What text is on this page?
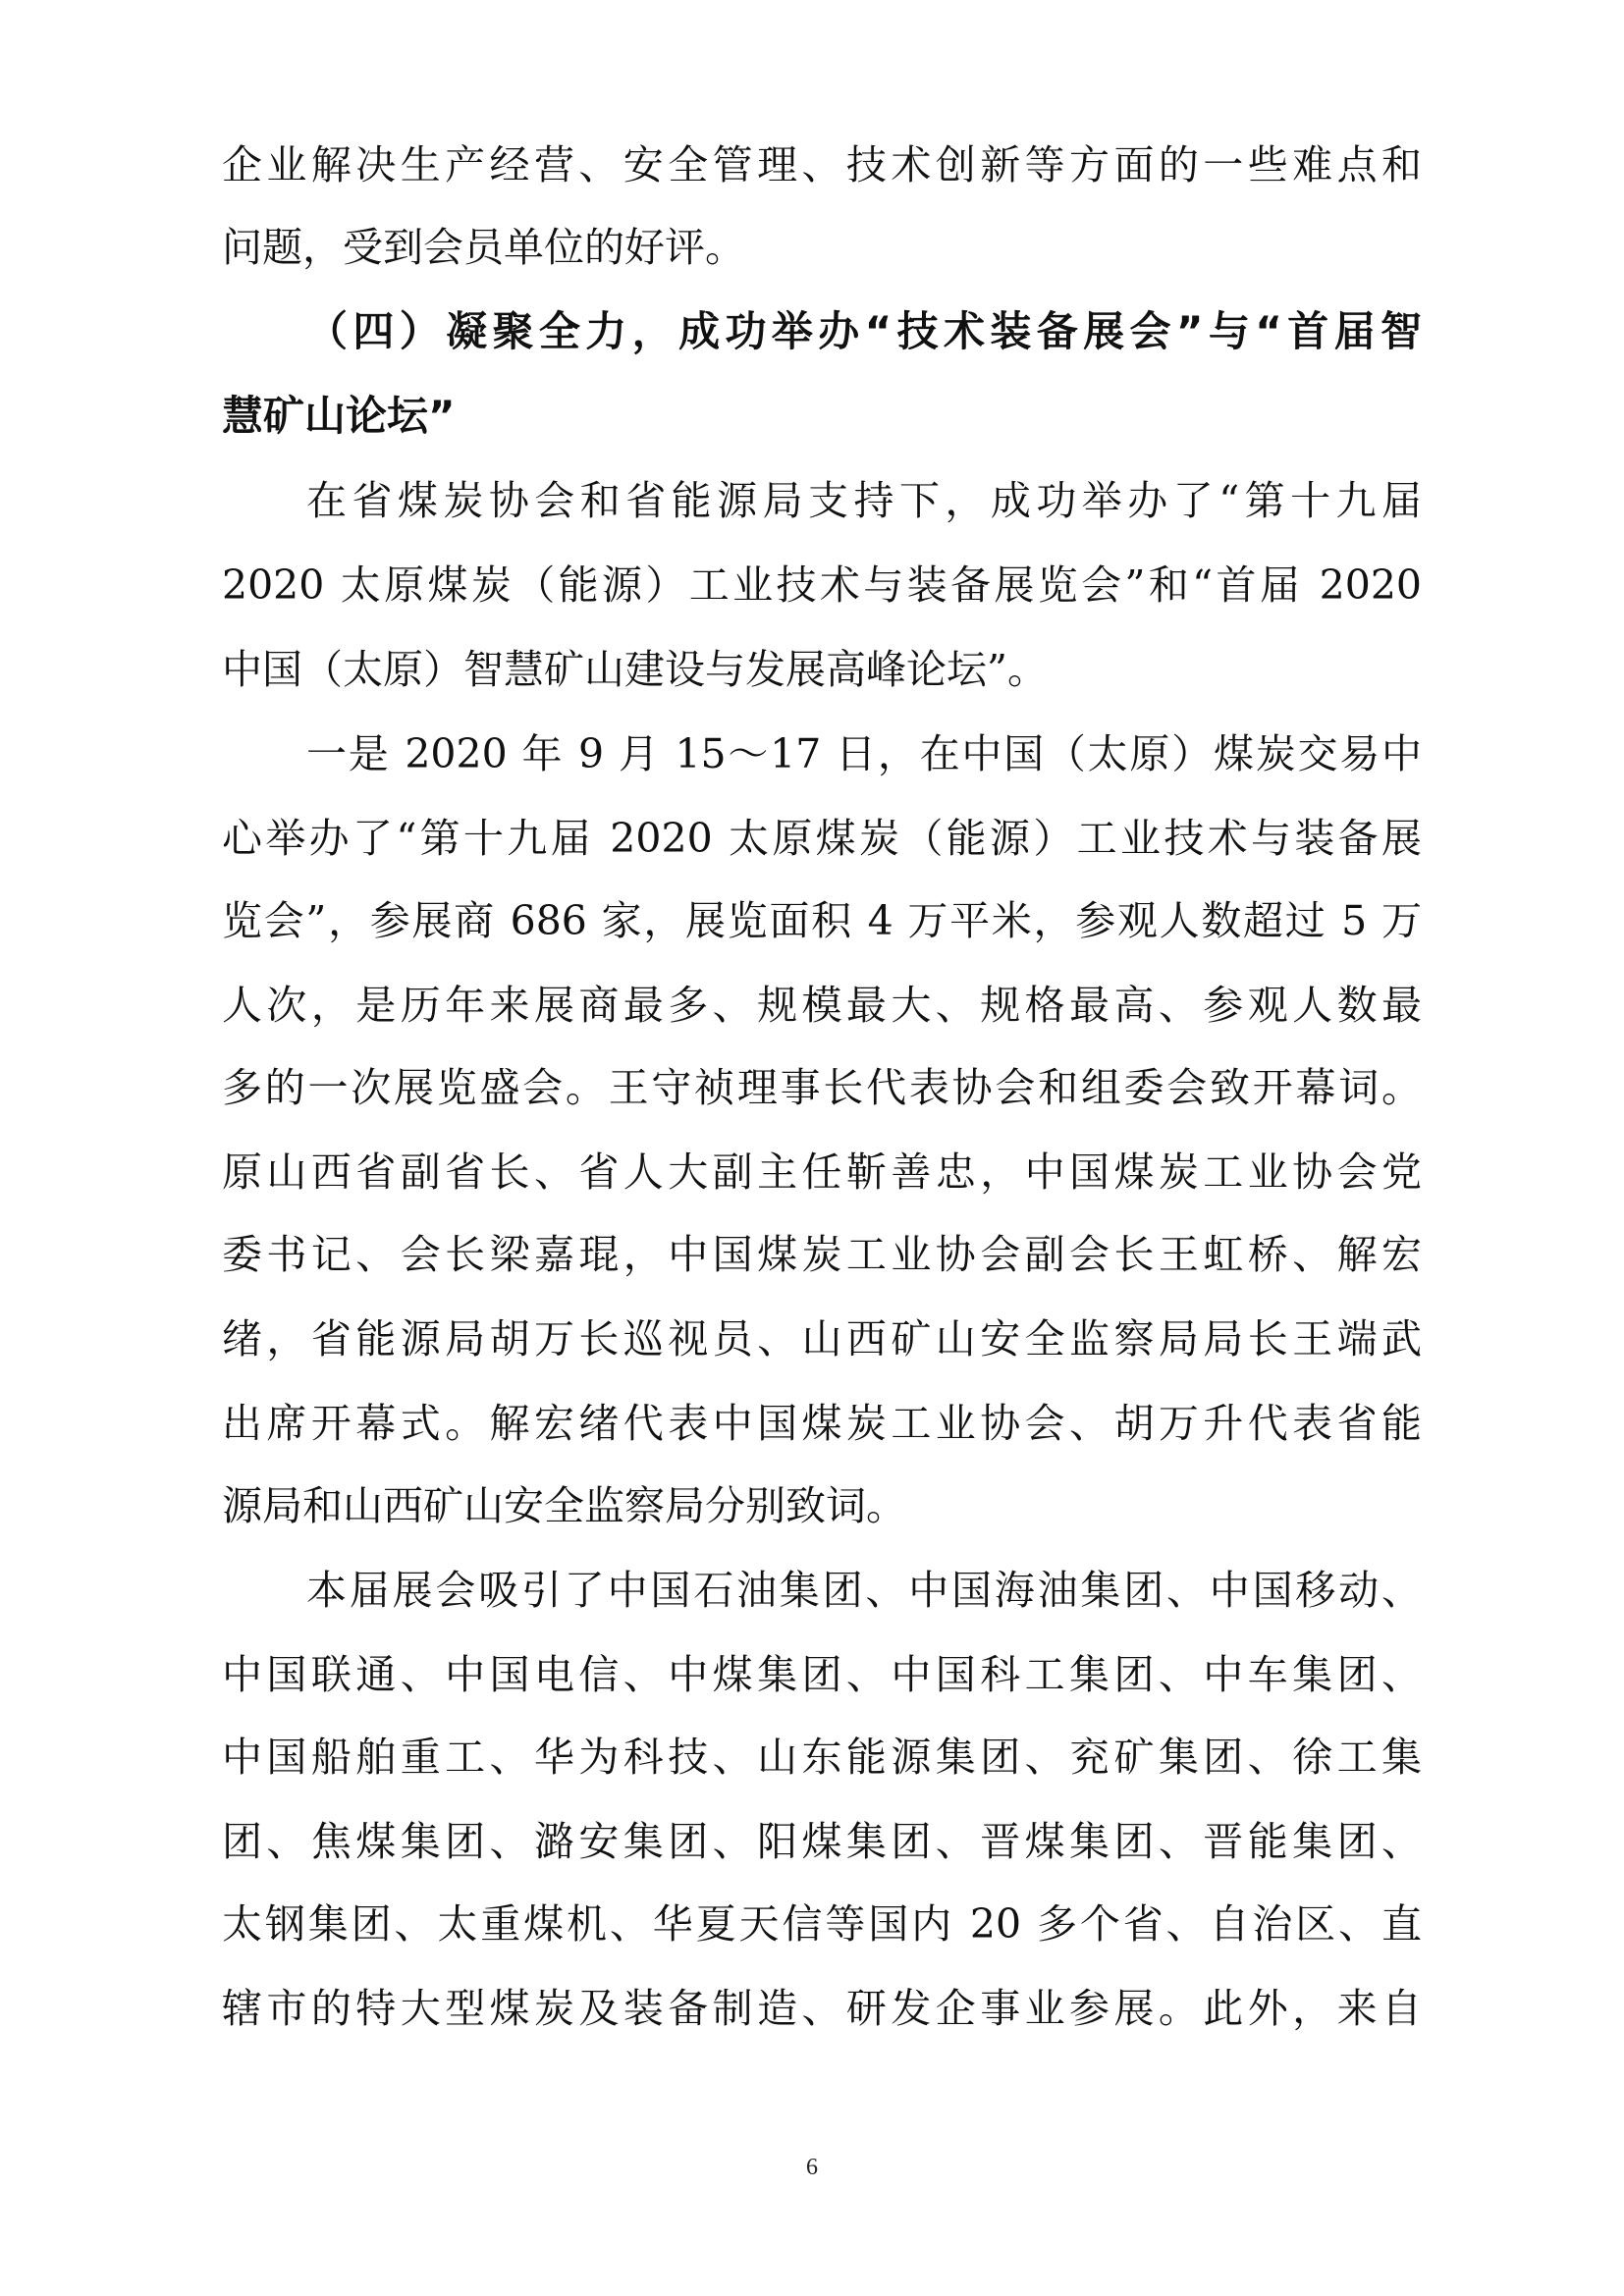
企业解决生产经营、安全管理、技术创新等方面的一些难点和
问题，受到会员单位的好评。
（四）凝聚全力，成功举办“技术装备展会”与“首届智
慧矿山论坛”
在省煤炭协会和省能源局支持下，成功举办了“第十九届
2020 太原煤炭（能源）工业技术与装备展览会”和“首届 2020
中国（太原）智慧矿山建设与发展高峰论坛”。
一是 2020 年 9 月 15～17 日，在中国（太原）煤炭交易中
心举办了“第十九届 2020 太原煤炭（能源）工业技术与装备展
览会”，参展商 686 家，展览面积 4 万平米，参观人数超过 5 万
人次，是历年来展商最多、规模最大、规格最高、参观人数最
多的一次展览盛会。王守祯理事长代表协会和组委会致开幕词。
原山西省副省长、省人大副主任靳善忠，中国煤炭工业协会党
委书记、会长梁嘉琨，中国煤炭工业协会副会长王虹桥、解宏
绪，省能源局胡万长巡视员、山西矿山安全监察局局长王端武
出席开幕式。解宏绪代表中国煤炭工业协会、胡万升代表省能
源局和山西矿山安全监察局分别致词。
本届展会吸引了中国石油集团、中国海油集团、中国移动、
中国联通、中国电信、中煤集团、中国科工集团、中车集团、
中国船舶重工、华为科技、山东能源集团、兖矿集团、徐工集
团、焦煤集团、潞安集团、阳煤集团、晋煤集团、晋能集团、
太钢集团、太重煤机、华夏天信等国内 20 多个省、自治区、直
辖市的特大型煤炭及装备制造、研发企事业参展。此外，来自
6
